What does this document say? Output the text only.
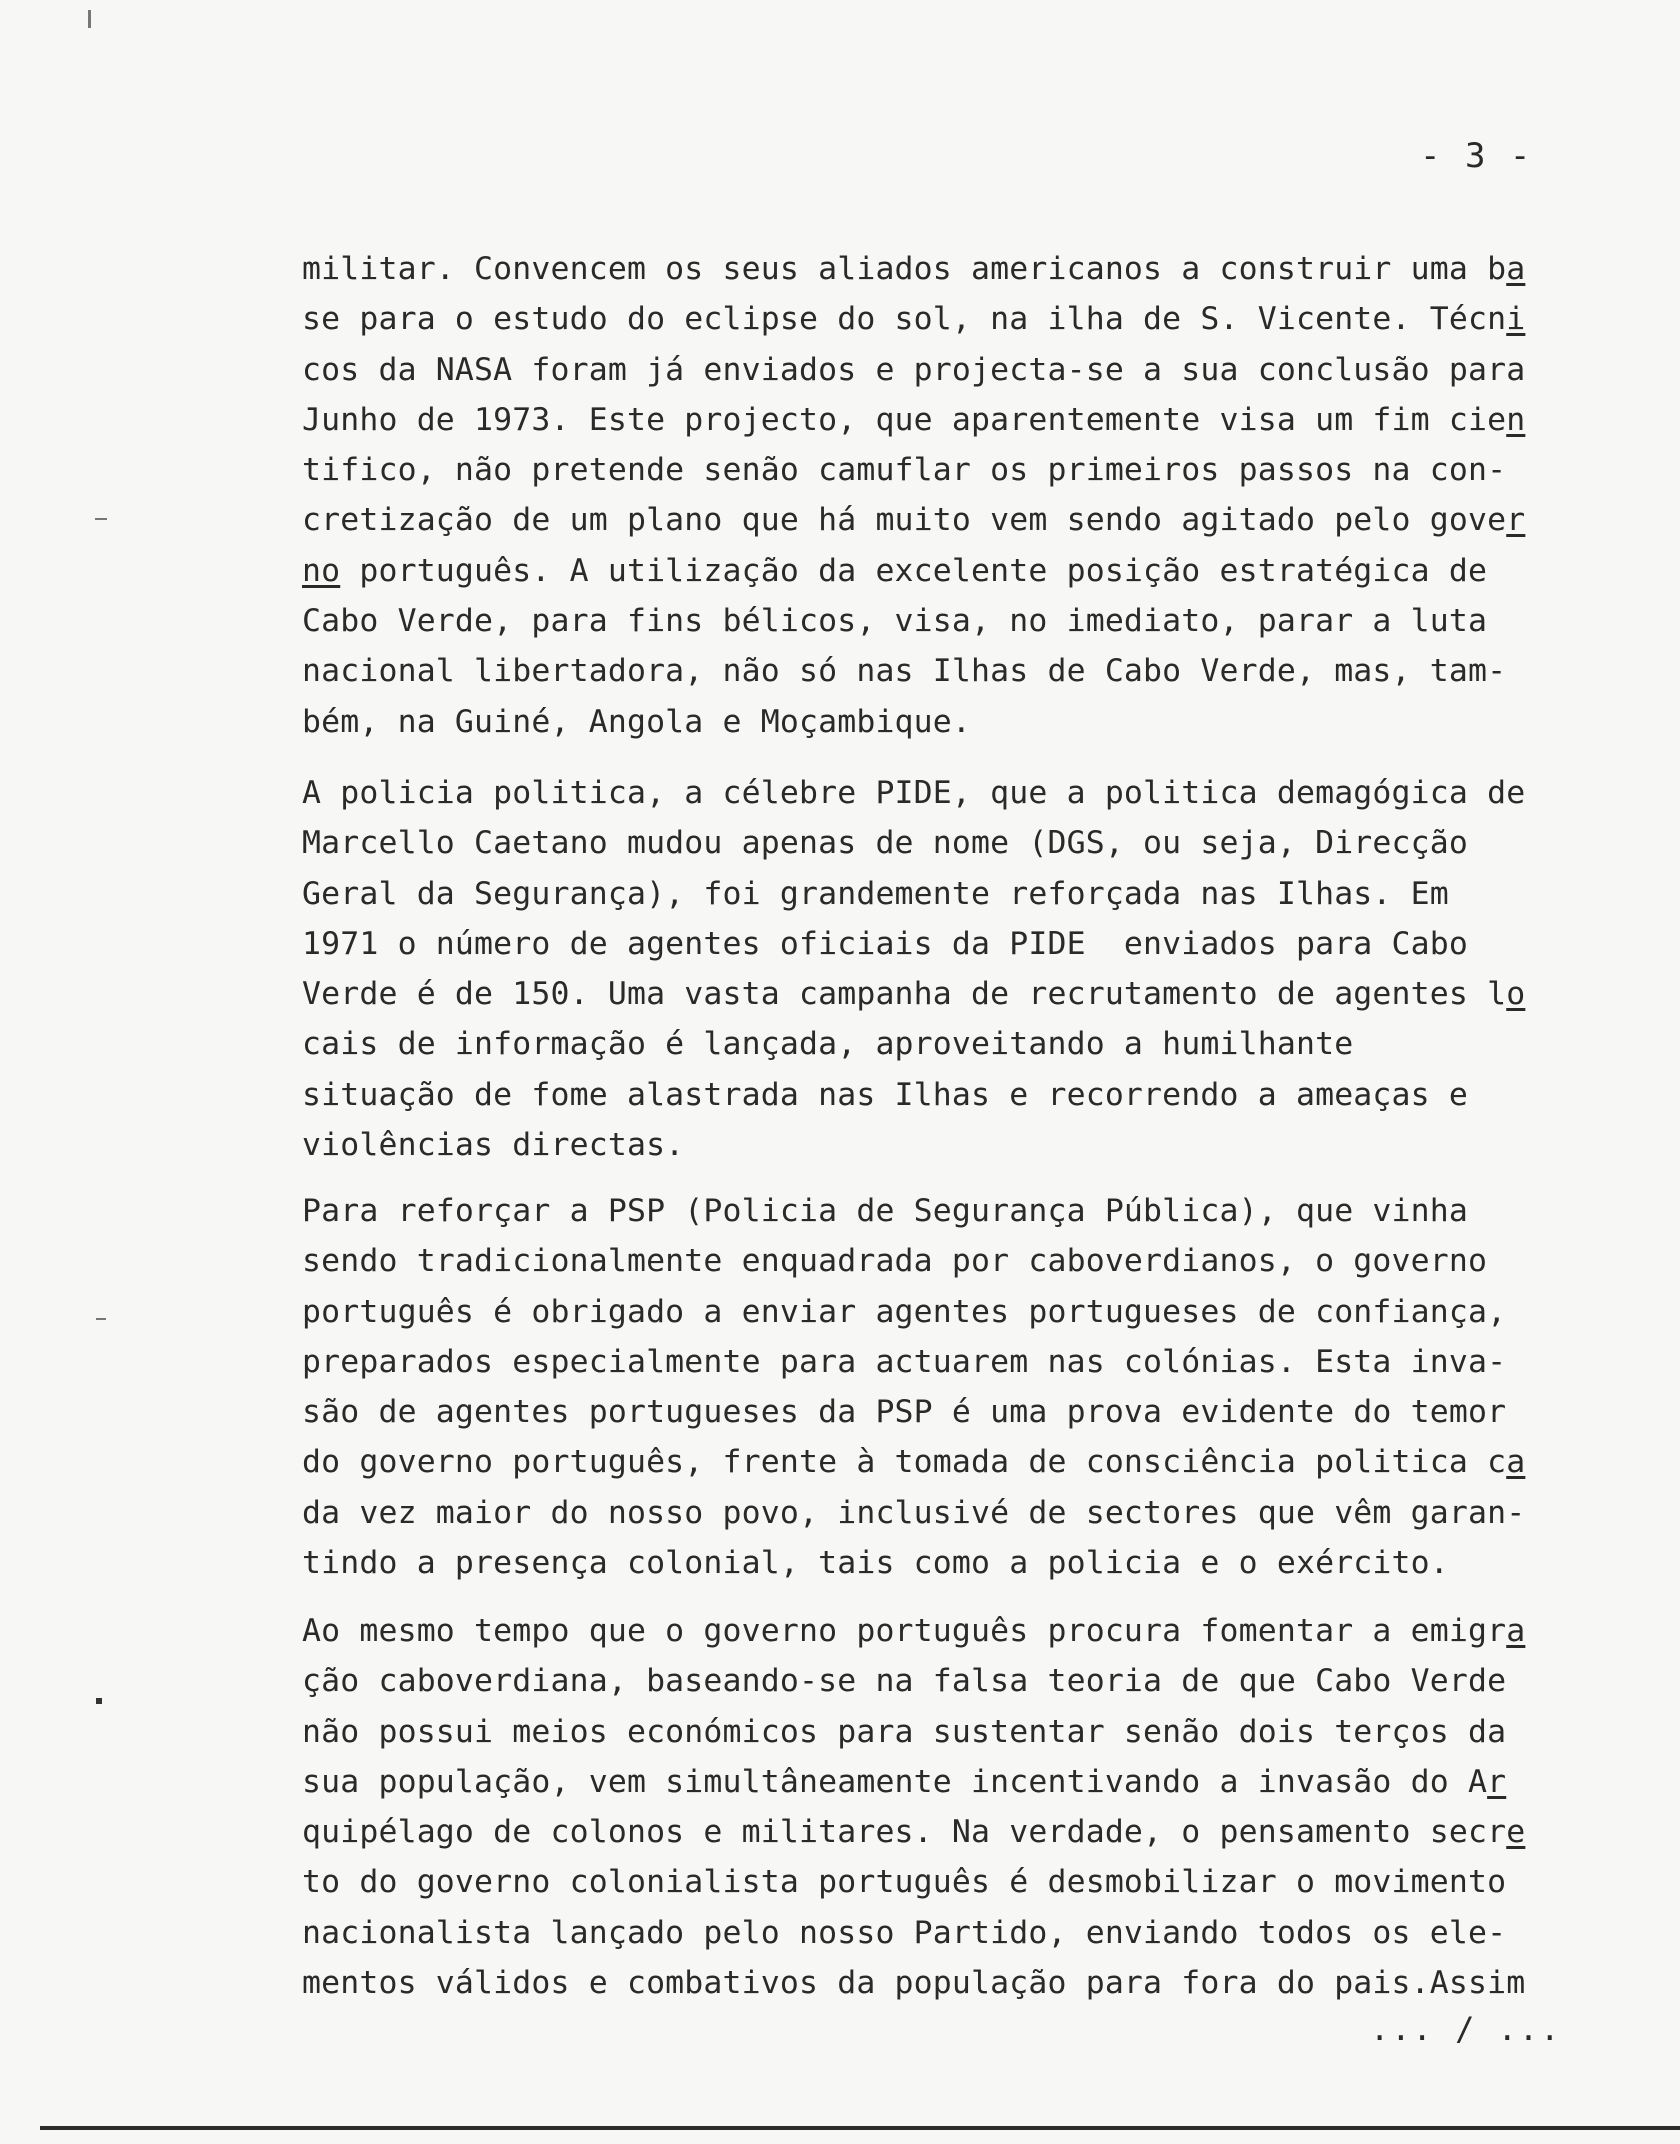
- 3 -
militar. Convencem os seus aliados americanos a construir uma ba
se para o estudo do eclipse do sol, na ilha de S. Vicente. Técni
cos da NASA foram já enviados e projecta-se a sua conclusão para
Junho de 1973. Este projecto, que aparentemente visa um fim cien
tifico, não pretende senão camuflar os primeiros passos na con-
cretização de um plano que há muito vem sendo agitado pelo gover
no português. A utilização da excelente posição estratégica de
Cabo Verde, para fins bélicos, visa, no imediato, parar a luta
nacional libertadora, não só nas Ilhas de Cabo Verde, mas, tam-
bém, na Guiné, Angola e Moçambique.
A policia politica, a célebre PIDE, que a politica demagógica de
Marcello Caetano mudou apenas de nome (DGS, ou seja, Direcção
Geral da Segurança), foi grandemente reforçada nas Ilhas. Em
1971 o número de agentes oficiais da PIDE  enviados para Cabo
Verde é de 150. Uma vasta campanha de recrutamento de agentes lo
cais de informação é lançada, aproveitando a humilhante
situação de fome alastrada nas Ilhas e recorrendo a ameaças e
violências directas.
Para reforçar a PSP (Policia de Segurança Pública), que vinha
sendo tradicionalmente enquadrada por caboverdianos, o governo
português é obrigado a enviar agentes portugueses de confiança,
preparados especialmente para actuarem nas colónias. Esta inva-
são de agentes portugueses da PSP é uma prova evidente do temor
do governo português, frente à tomada de consciência politica ca
da vez maior do nosso povo, inclusivé de sectores que vêm garan-
tindo a presença colonial, tais como a policia e o exército.
Ao mesmo tempo que o governo português procura fomentar a emigra
ção caboverdiana, baseando-se na falsa teoria de que Cabo Verde
não possui meios económicos para sustentar senão dois terços da
sua população, vem simultâneamente incentivando a invasão do Ar
quipélago de colonos e militares. Na verdade, o pensamento secre
to do governo colonialista português é desmobilizar o movimento
nacionalista lançado pelo nosso Partido, enviando todos os ele-
mentos válidos e combativos da população para fora do pais.Assim
... / ...
